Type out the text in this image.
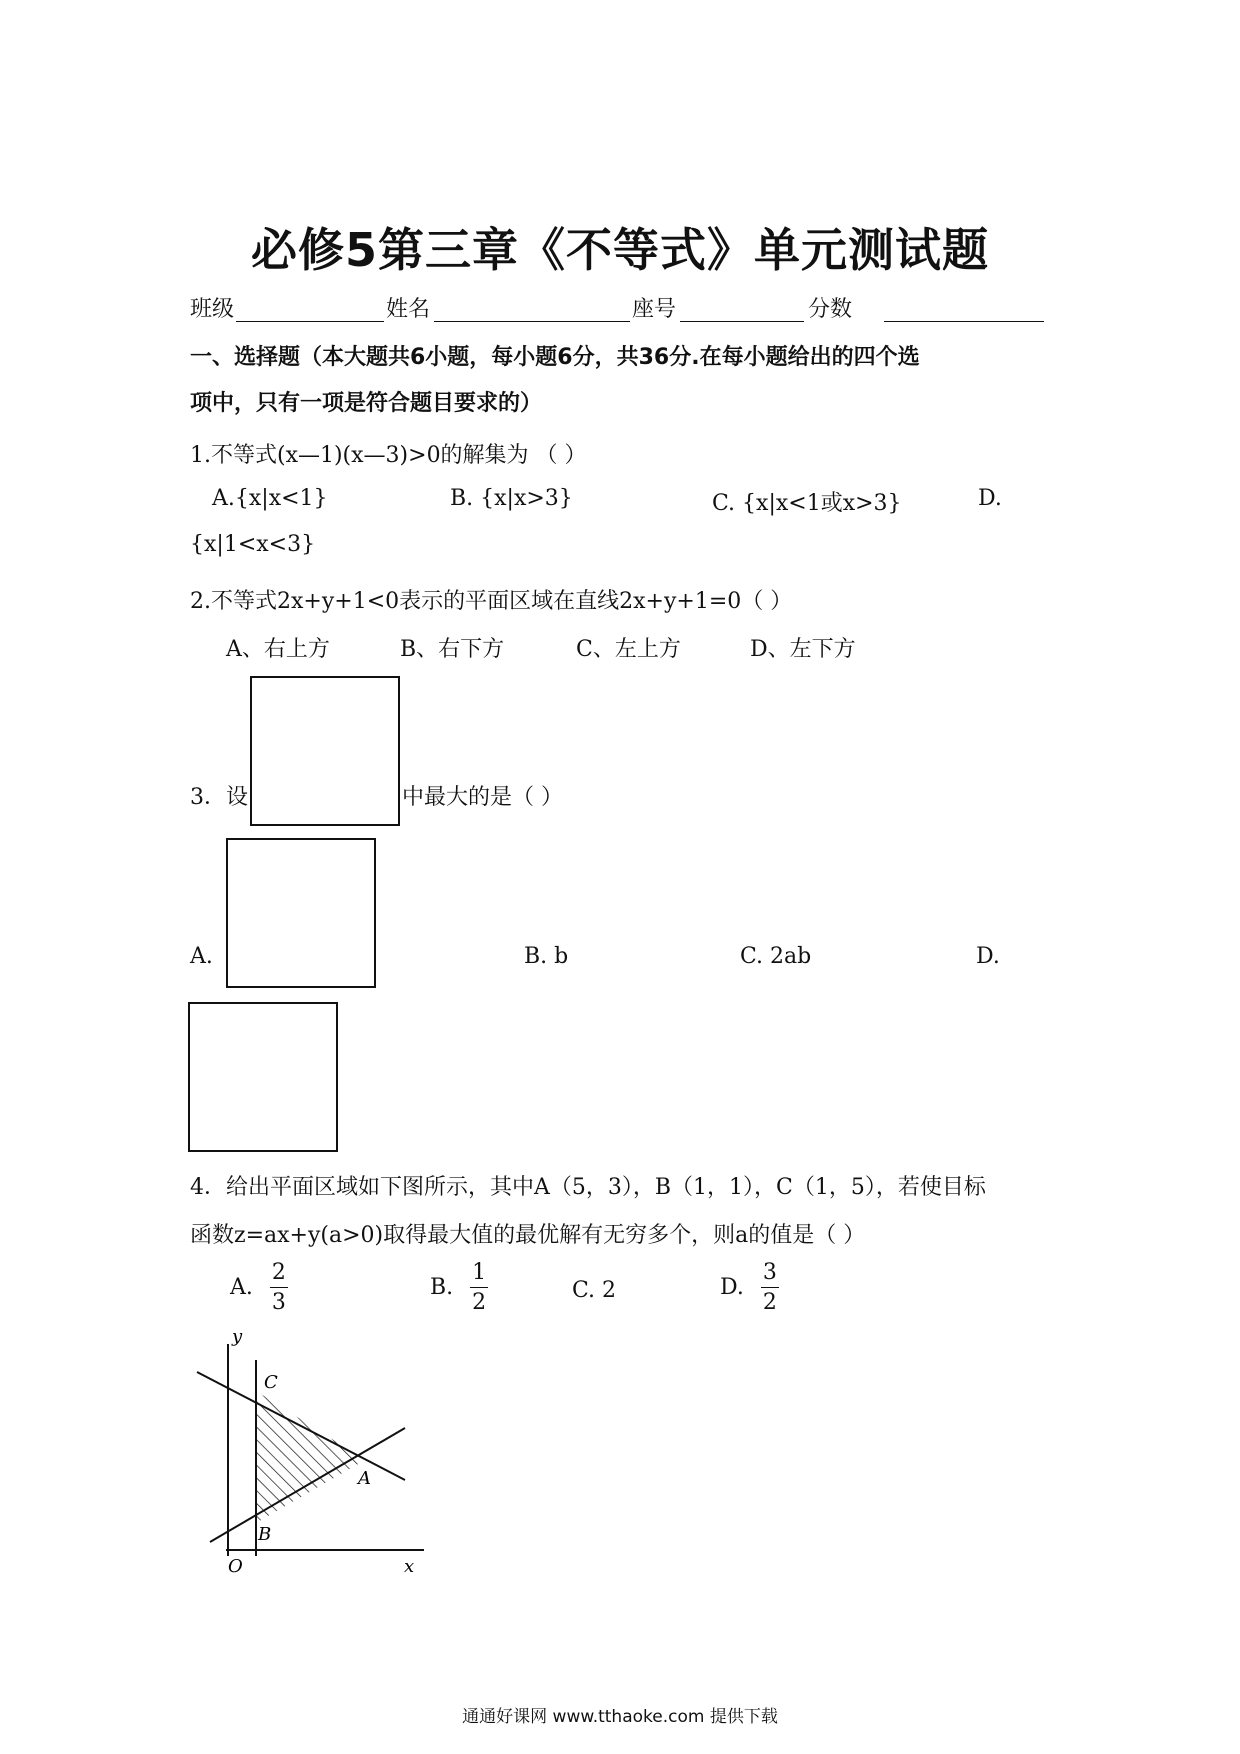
必修5第三章《不等式》单元测试题
班级	姓名	座号	分数
一、选择题（本大题共6小题，每小题6分，共36分.在每小题给出的四个选
项中，只有一项是符合题目要求的）
1.不等式(x—1)(x—3)>0的解集为 （ ）
A.{x|x<1}	B. {x|x>3}	C. {x|x<1或x>3}	D.
{x|1<x<3}
2.不等式2x+y+1<0表示的平面区域在直线2x+y+1=0（ ）
A、右上方	B、右下方	C、左上方	D、左下方
3．设	中最大的是（ ）
A.	B. b	C. 2ab	D.
4．给出平面区域如下图所示，其中A（5，3），B（1，1），C（1，5），若使目标
函数z=ax+y(a>0)取得最大值的最优解有无穷多个，则a的值是（ ）
A. $\frac{2}{3}$	B. $\frac{1}{2}$	C. 2	D. $\frac{3}{2}$
y
x
O
C
B
A
通通好课网 www.tthaoke.com 提供下载
